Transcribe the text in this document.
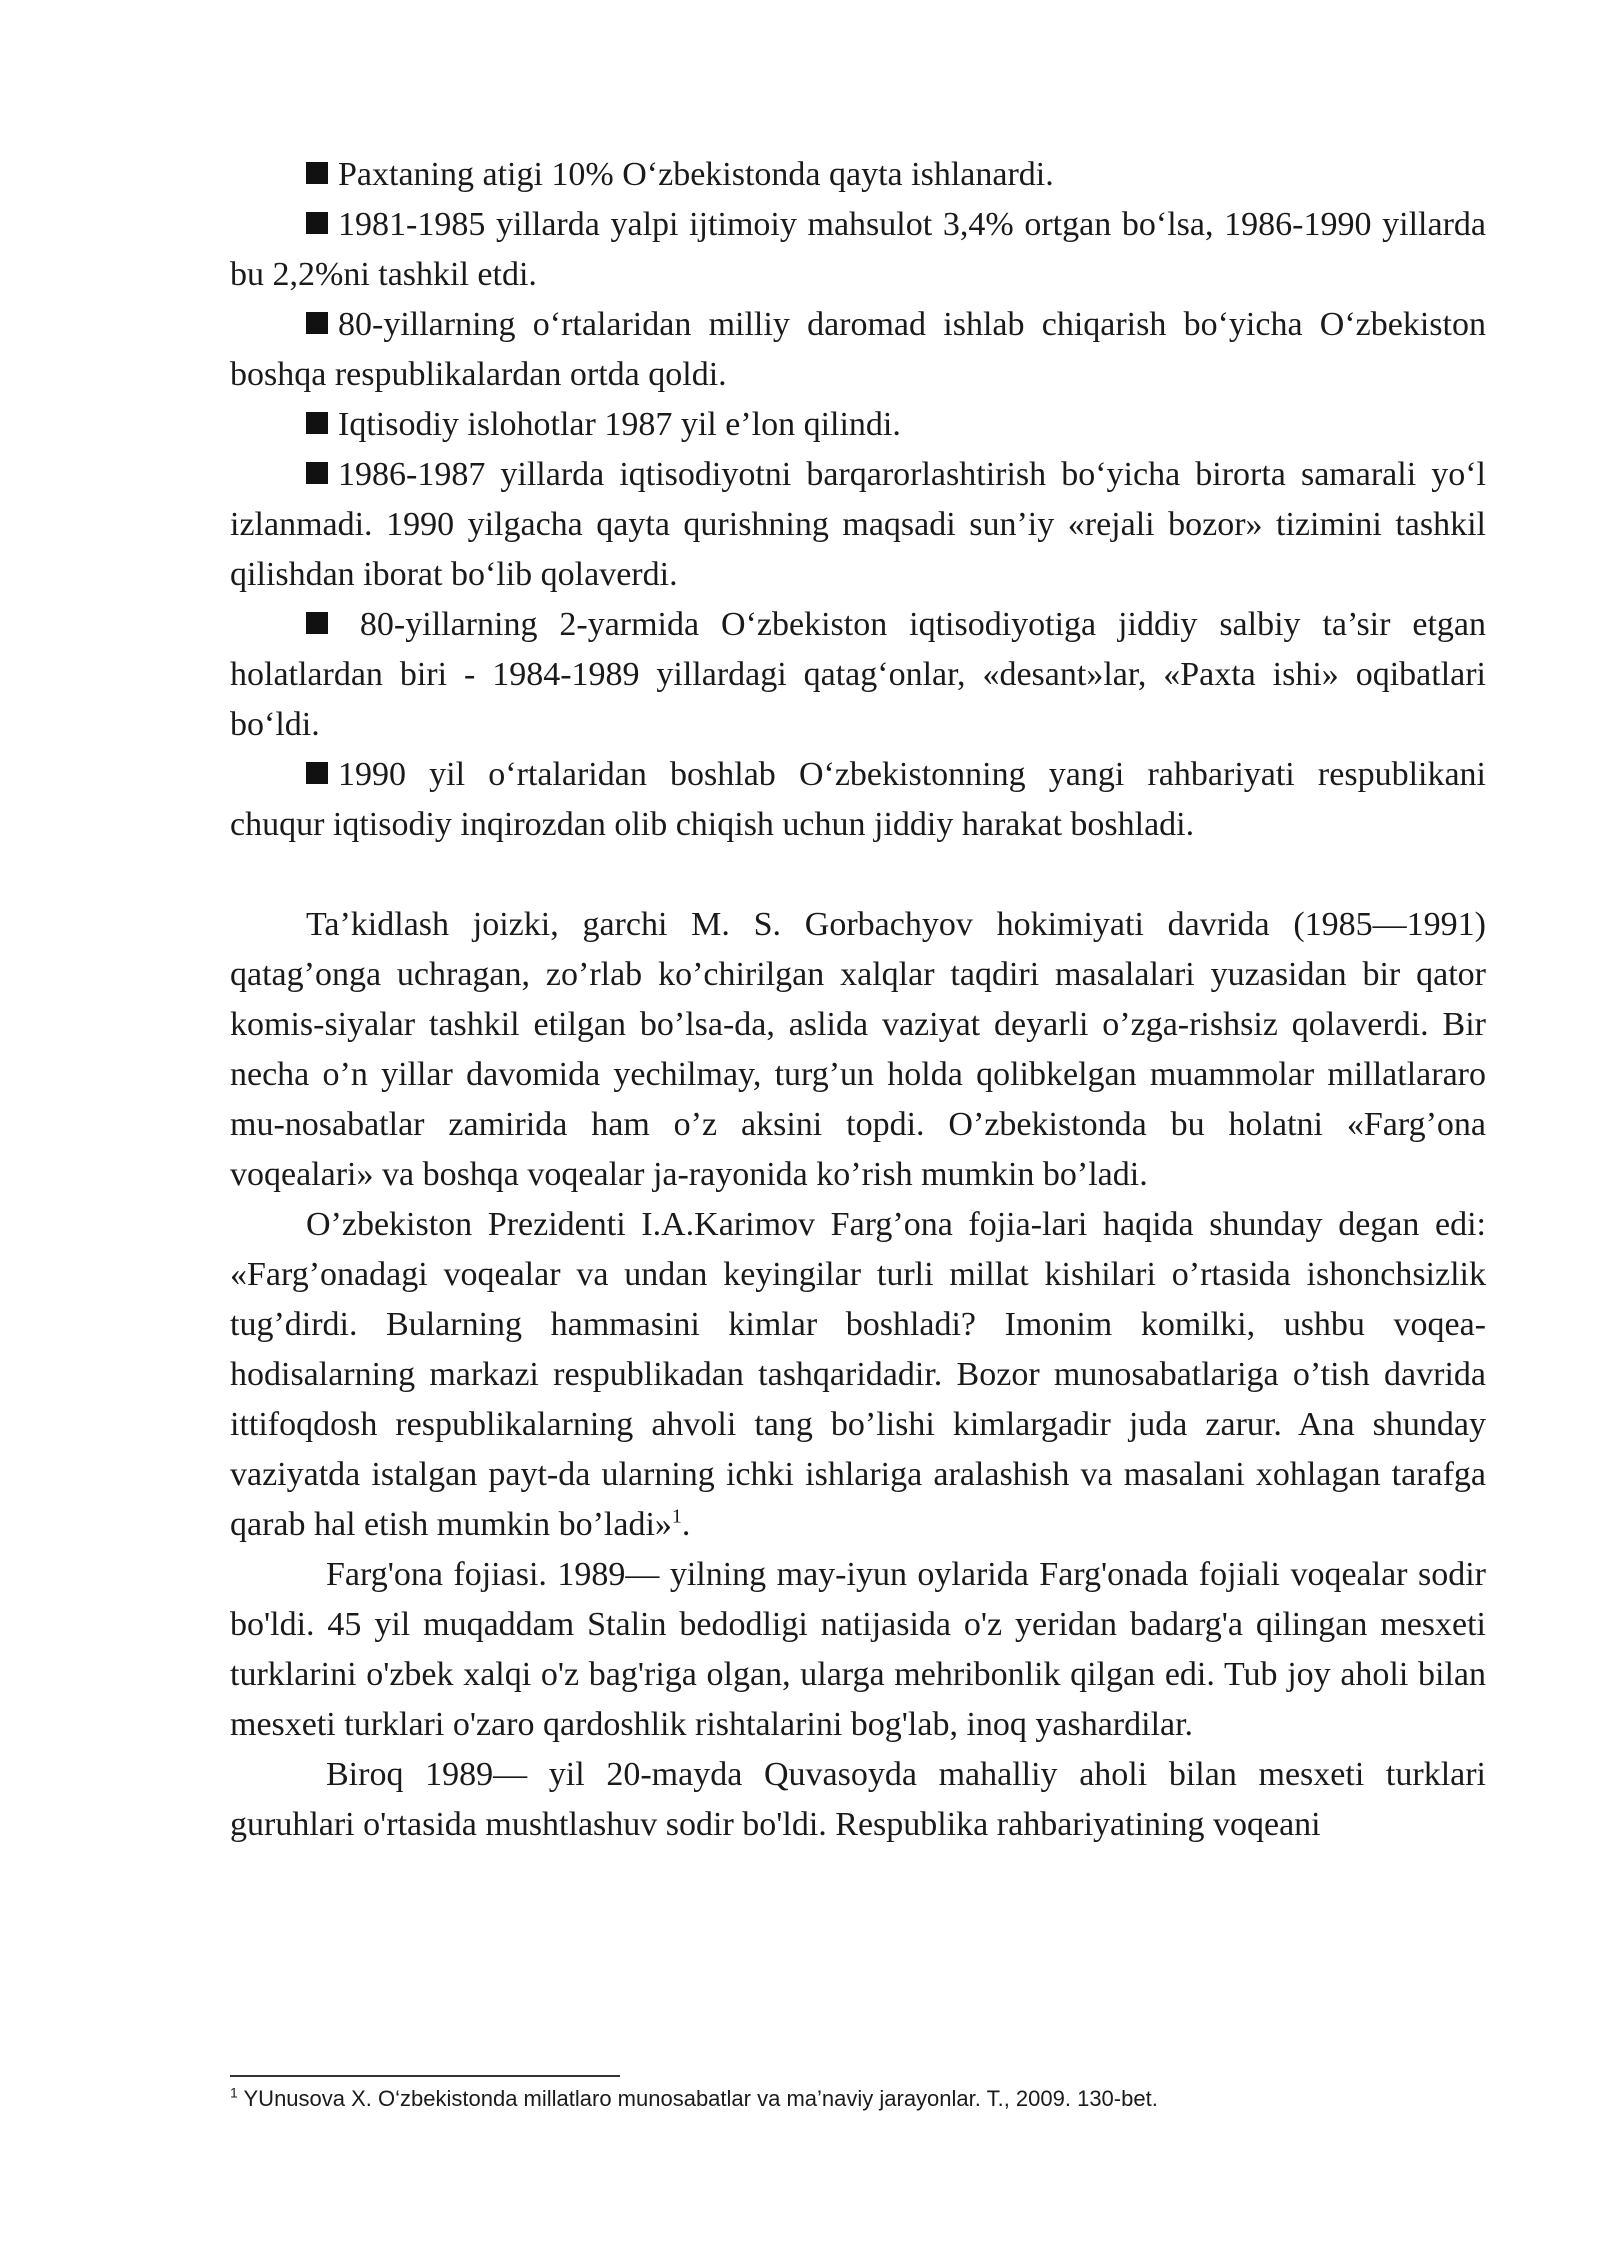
Paxtaning atigi 10% O‘zbekistonda qayta ishlanardi.

1981-1985 yillarda yalpi ijtimoiy mahsulot 3,4% ortgan bo‘lsa, 1986-1990 yillarda bu 2,2%ni tashkil etdi.

80-yillarning o‘rtalaridan milliy daromad ishlab chiqarish bo‘yicha O‘zbekiston boshqa respublikalardan ortda qoldi.

Iqtisodiy islohotlar 1987 yil e’lon qilindi.

1986-1987 yillarda iqtisodiyotni barqarorlashtirish bo‘yicha birorta samarali yo‘l izlanmadi. 1990 yilgacha qayta qurishning maqsadi sun’iy «rejali bozor» tizimini tashkil qilishdan iborat bo‘lib qolaverdi.

80-yillarning 2-yarmida O‘zbekiston iqtisodiyotiga jiddiy salbiy ta’sir etgan holatlardan biri - 1984-1989 yillardagi qatag‘onlar, «desant»lar, «Paxta ishi» oqibatlari bo‘ldi.

1990 yil o‘rtalaridan boshlab O‘zbekistonning yangi rahbariyati respublikani chuqur iqtisodiy inqirozdan olib chiqish uchun jiddiy harakat boshladi.

Ta’kidlash joizki, garchi M. S. Gorbachyov hokimiyati davrida (1985—1991) qatag’onga uchragan, zo’rlab ko’chirilgan xalqlar taqdiri masalalari yuzasidan bir qator komis-siyalar tashkil etilgan bo’lsa-da, aslida vaziyat deyarli o’zga-rishsiz qolaverdi. Bir necha o’n yillar davomida yechilmay, turg’un holda qolibkelgan muammolar millatlararo mu-nosabatlar zamirida ham o’z aksini topdi. O’zbekistonda bu holatni «Farg’ona voqealari» va boshqa voqealar ja-rayonida ko’rish mumkin bo’ladi.

O’zbekiston Prezidenti I.A.Karimov Farg’ona fojia-lari haqida shunday degan edi: «Farg’onadagi voqealar va undan keyingilar turli millat kishilari o’rtasida ishonchsizlik tug’dirdi. Bularning hammasini kimlar boshladi? Imonim komilki, ushbu voqea-hodisalarning markazi respublikadan tashqaridadir. Bozor munosabatlariga o’tish davrida ittifoqdosh respublikalarning ahvoli tang bo’lishi kimlargadir juda zarur. Ana shunday vaziyatda istalgan payt-da ularning ichki ishlariga aralashish va masalani xohlagan tarafga qarab hal etish mumkin bo’ladi»$^1$.

Farg'ona fojiasi. 1989— yilning may-iyun oylarida Farg'onada fojiali voqealar sodir bo'ldi. 45 yil muqaddam Stalin bedodligi natijasida o'z yeridan badarg'a qilingan mesxeti turklarini o'zbek xalqi o'z bag'riga olgan, ularga mehribonlik qilgan edi. Tub joy aholi bilan mesxeti turklari o'zaro qardoshlik rishtalarini bog'lab, inoq yashardilar.

Biroq 1989— yil 20-mayda Quvasoyda mahalliy aholi bilan mesxeti turklari guruhlari o'rtasida mushtlashuv sodir bo'ldi. Respublika rahbariyatining voqeani

$^1$ YUnusova X. O‘zbekistonda millatlaro munosabatlar va ma’naviy jarayonlar. T., 2009. 130-bet.
